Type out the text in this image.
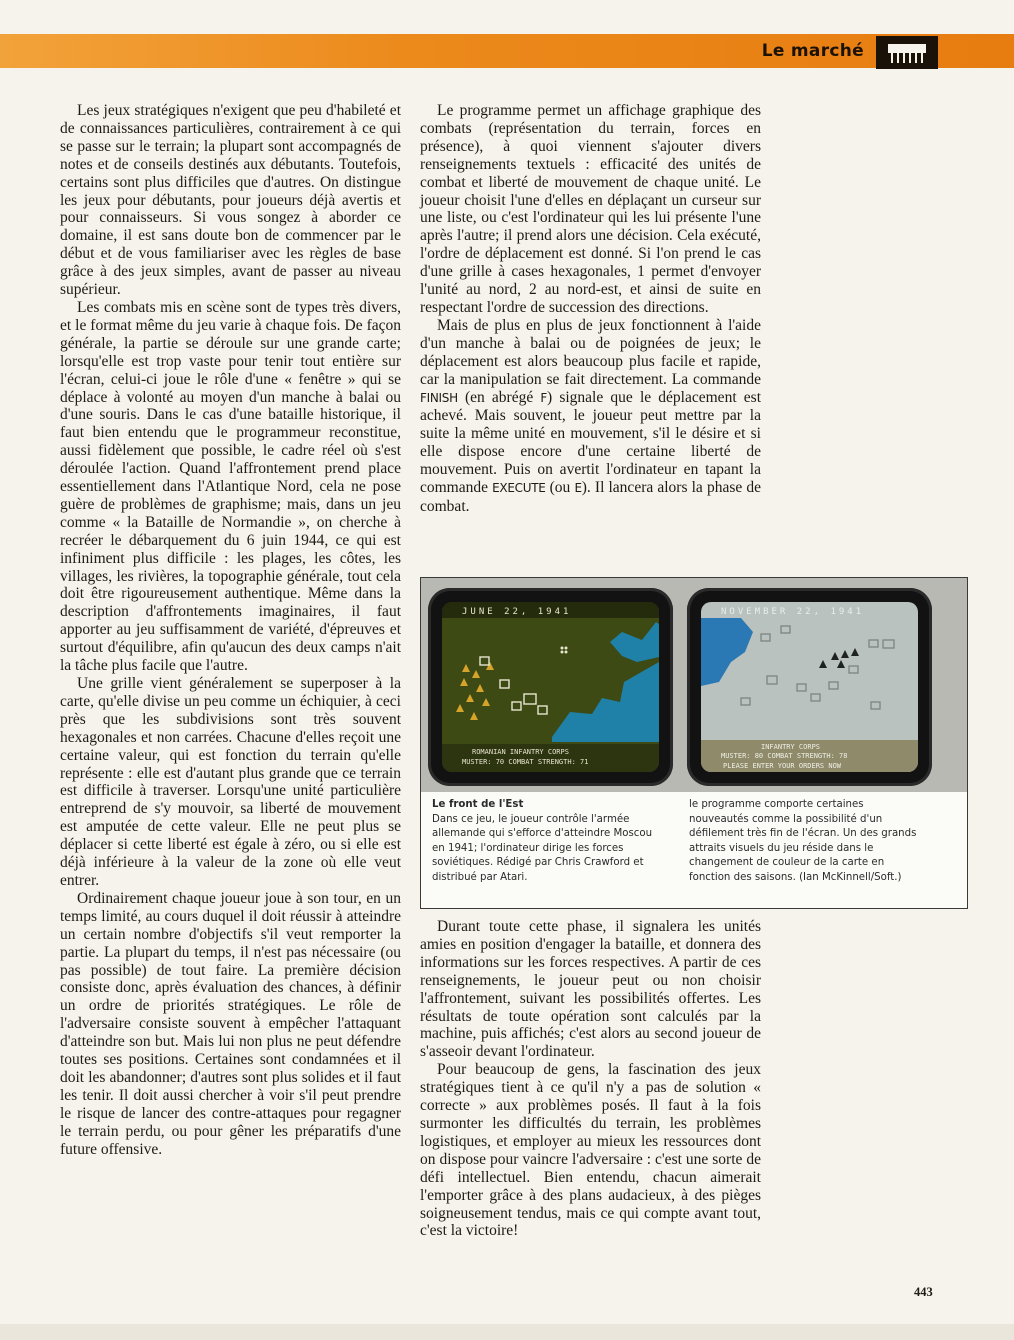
Le marché

Les jeux stratégiques n'exigent que peu d'habileté et de connaissances particulières, contrairement à ce qui se passe sur le terrain; la plupart sont accompagnés de notes et de conseils destinés aux débutants. Toutefois, certains sont plus difficiles que d'autres. On distingue les jeux pour débutants, pour joueurs déjà avertis et pour connaisseurs. Si vous songez à aborder ce domaine, il est sans doute bon de commencer par le début et de vous familiariser avec les règles de base grâce à des jeux simples, avant de passer au niveau supérieur.

Les combats mis en scène sont de types très divers, et le format même du jeu varie à chaque fois. De façon générale, la partie se déroule sur une grande carte; lorsqu'elle est trop vaste pour tenir tout entière sur l'écran, celui-ci joue le rôle d'une « fenêtre » qui se déplace à volonté au moyen d'un manche à balai ou d'une souris. Dans le cas d'une bataille historique, il faut bien entendu que le programmeur reconstitue, aussi fidèlement que possible, le cadre réel où s'est déroulée l'action. Quand l'affrontement prend place essentiellement dans l'Atlantique Nord, cela ne pose guère de problèmes de graphisme; mais, dans un jeu comme « la Bataille de Normandie », on cherche à recréer le débarquement du 6 juin 1944, ce qui est infiniment plus difficile : les plages, les côtes, les villages, les rivières, la topographie générale, tout cela doit être rigoureusement authentique. Même dans la description d'affrontements imaginaires, il faut apporter au jeu suffisamment de variété, d'épreuves et surtout d'équilibre, afin qu'aucun des deux camps n'ait la tâche plus facile que l'autre.

Une grille vient généralement se superposer à la carte, qu'elle divise un peu comme un échiquier, à ceci près que les subdivisions sont très souvent hexagonales et non carrées. Chacune d'elles reçoit une certaine valeur, qui est fonction du terrain qu'elle représente : elle est d'autant plus grande que ce terrain est difficile à traverser. Lorsqu'une unité particulière entreprend de s'y mouvoir, sa liberté de mouvement est amputée de cette valeur. Elle ne peut plus se déplacer si cette liberté est égale à zéro, ou si elle est déjà inférieure à la valeur de la zone où elle veut entrer.

Ordinairement chaque joueur joue à son tour, en un temps limité, au cours duquel il doit réussir à atteindre un certain nombre d'objectifs s'il veut remporter la partie. La plupart du temps, il n'est pas nécessaire (ou pas possible) de tout faire. La première décision consiste donc, après évaluation des chances, à définir un ordre de priorités stratégiques. Le rôle de l'adversaire consiste souvent à empêcher l'attaquant d'atteindre son but. Mais lui non plus ne peut défendre toutes ses positions. Certaines sont condamnées et il doit les abandonner; d'autres sont plus solides et il faut les tenir. Il doit aussi chercher à voir s'il peut prendre le risque de lancer des contre-attaques pour regagner le terrain perdu, ou pour gêner les préparatifs d'une future offensive.

Le programme permet un affichage graphique des combats (représentation du terrain, forces en présence), à quoi viennent s'ajouter divers renseignements textuels : efficacité des unités de combat et liberté de mouvement de chaque unité. Le joueur choisit l'une d'elles en déplaçant un curseur sur une liste, ou c'est l'ordinateur qui les lui présente l'une après l'autre; il prend alors une décision. Cela exécuté, l'ordre de déplacement est donné. Si l'on prend le cas d'une grille à cases hexagonales, 1 permet d'envoyer l'unité au nord, 2 au nord-est, et ainsi de suite en respectant l'ordre de succession des directions.

Mais de plus en plus de jeux fonctionnent à l'aide d'un manche à balai ou de poignées de jeux; le déplacement est alors beaucoup plus facile et rapide, car la manipulation se fait directement. La commande FINISH (en abrégé F) signale que le déplacement est achevé. Mais souvent, le joueur peut mettre par la suite la même unité en mouvement, s'il le désire et si elle dispose encore d'une certaine liberté de mouvement. Puis on avertit l'ordinateur en tapant la commande EXECUTE (ou E). Il lancera alors la phase de combat.

JUNE 22, 1941
ROMANIAN INFANTRY CORPS
MUSTER: 70 COMBAT STRENGTH: 71
NOVEMBER 22, 1941
INFANTRY CORPS
MUSTER: 80 COMBAT STRENGTH: 78
PLEASE ENTER YOUR ORDERS NOW
Le front de l'Est
Dans ce jeu, le joueur contrôle l'armée allemande qui s'efforce d'atteindre Moscou en 1941; l'ordinateur dirige les forces soviétiques. Rédigé par Chris Crawford et distribué par Atari.
le programme comporte certaines nouveautés comme la possibilité d'un défilement très fin de l'écran. Un des grands attraits visuels du jeu réside dans le changement de couleur de la carte en fonction des saisons. (Ian McKinnell/Soft.)

Durant toute cette phase, il signalera les unités amies en position d'engager la bataille, et donnera des informations sur les forces respectives. A partir de ces renseignements, le joueur peut ou non choisir l'affrontement, suivant les possibilités offertes. Les résultats de toute opération sont calculés par la machine, puis affichés; c'est alors au second joueur de s'asseoir devant l'ordinateur.

Pour beaucoup de gens, la fascination des jeux stratégiques tient à ce qu'il n'y a pas de solution « correcte » aux problèmes posés. Il faut à la fois surmonter les difficultés du terrain, les problèmes logistiques, et employer au mieux les ressources dont on dispose pour vaincre l'adversaire : c'est une sorte de défi intellectuel. Bien entendu, chacun aimerait l'emporter grâce à des plans audacieux, à des pièges soigneusement tendus, mais ce qui compte avant tout, c'est la victoire!

443
